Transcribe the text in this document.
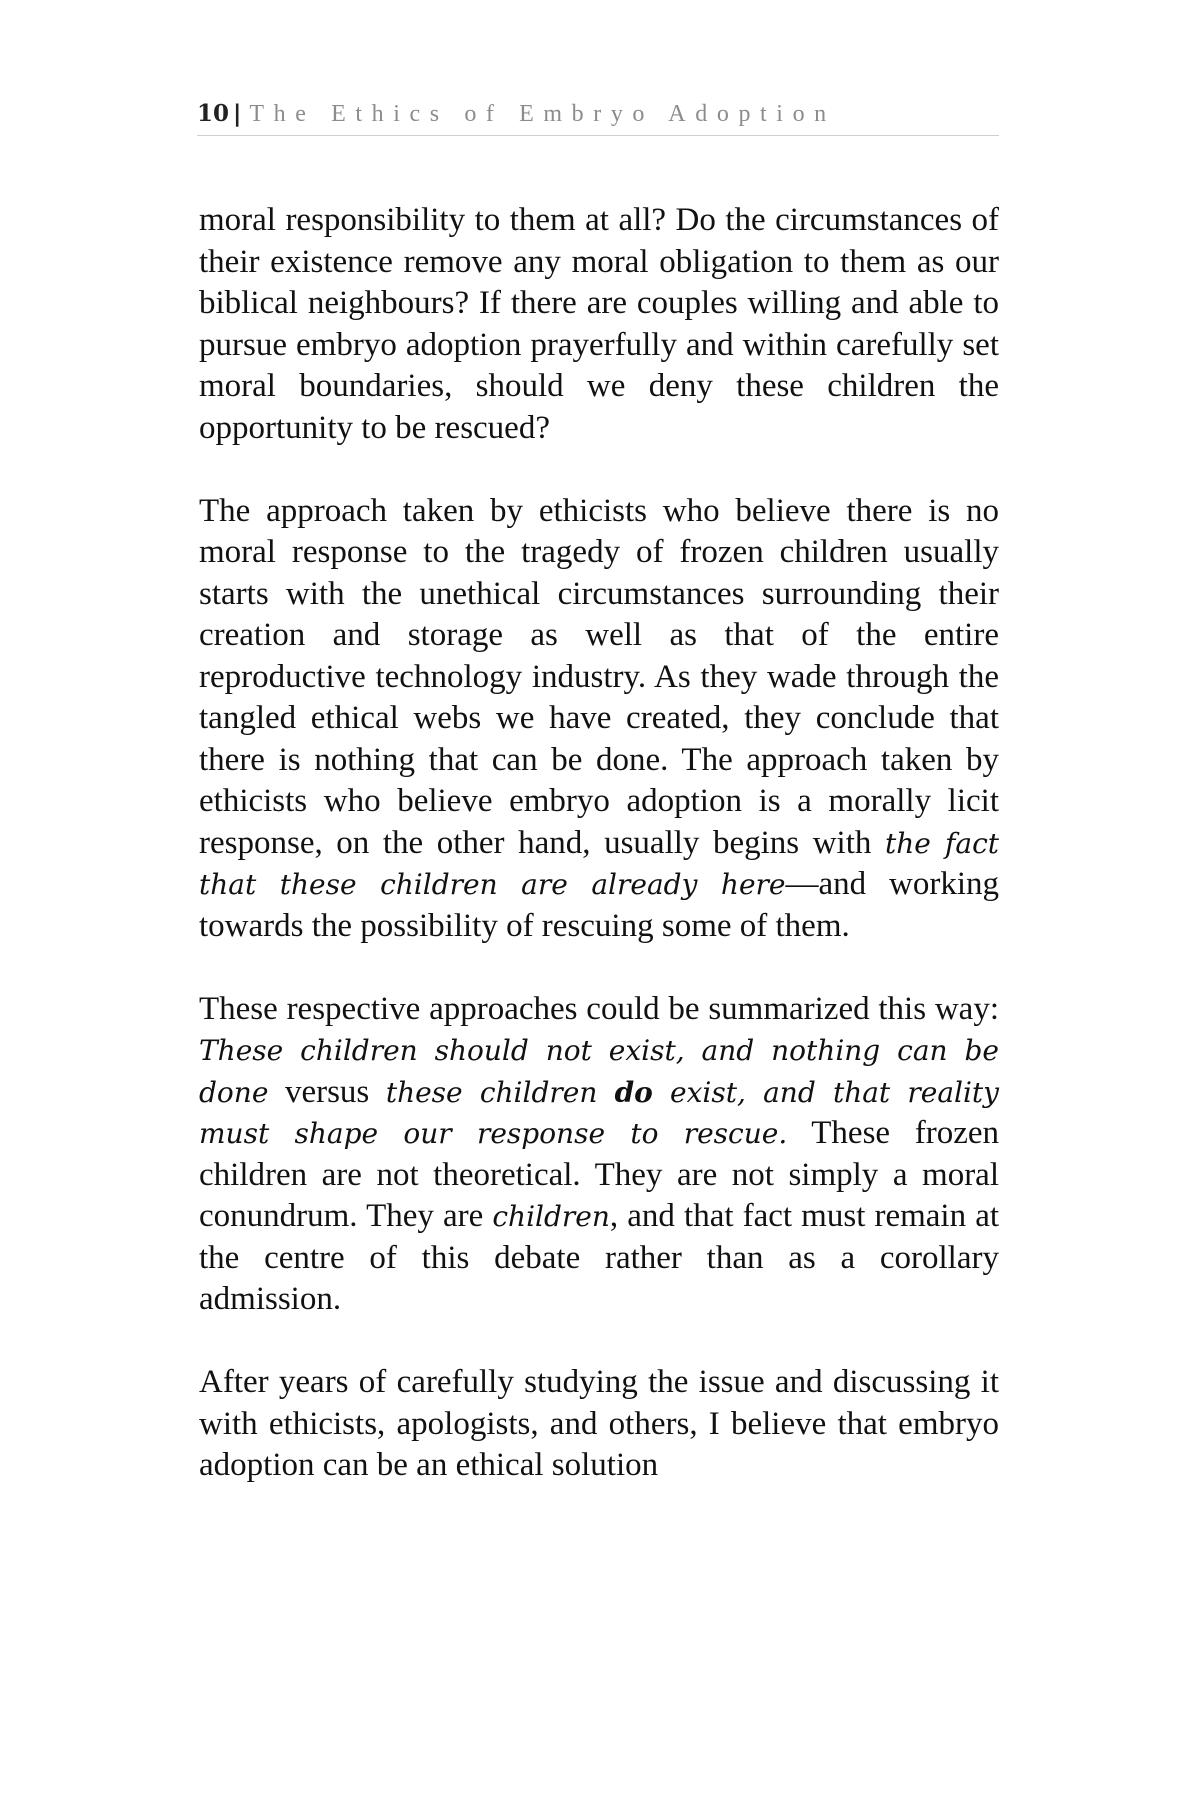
10 | The Ethics of Embryo Adoption

moral responsibility to them at all? Do the circumstances of their existence remove any moral obligation to them as our biblical neighbours? If there are couples willing and able to pursue embryo adoption prayerfully and within carefully set moral boundaries, should we deny these children the opportunity to be rescued?

The approach taken by ethicists who believe there is no moral response to the tragedy of frozen children usually starts with the unethical circumstances surrounding their creation and storage as well as that of the entire reproductive technology industry. As they wade through the tangled ethical webs we have created, they conclude that there is nothing that can be done. The approach taken by ethicists who believe embryo adoption is a morally licit response, on the other hand, usually begins with the fact that these children are already here—and working towards the possibility of rescuing some of them.

These respective approaches could be summarized this way: These children should not exist, and nothing can be done versus these children do exist, and that reality must shape our response to rescue. These frozen children are not theoretical. They are not simply a moral conundrum. They are children, and that fact must remain at the centre of this debate rather than as a corollary admission.

After years of carefully studying the issue and discussing it with ethicists, apologists, and others, I believe that embryo adoption can be an ethical solution
